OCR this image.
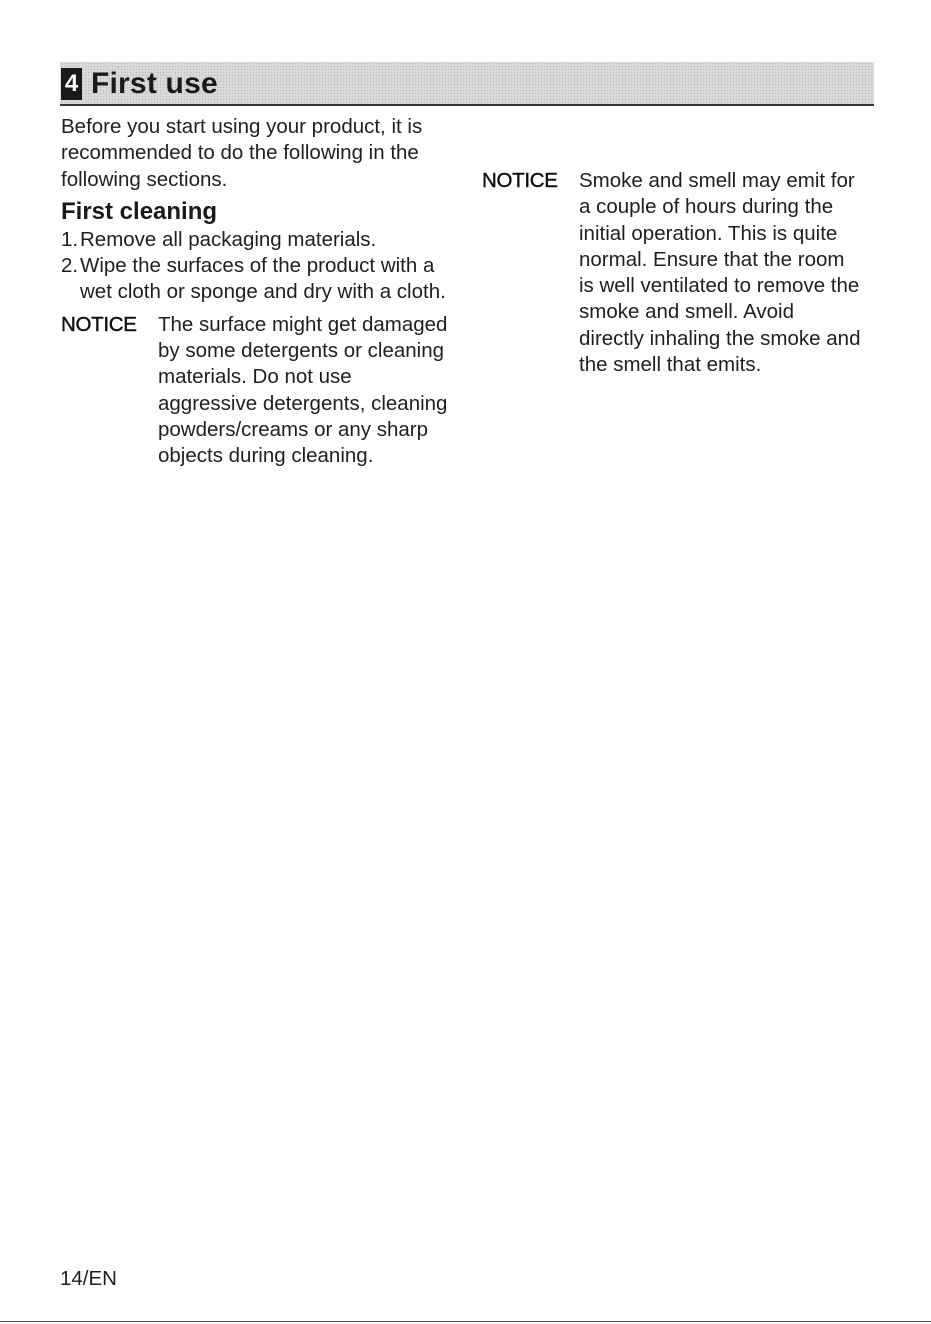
4 First use

Before you start using your product, it is recommended to do the following in the following sections.

First cleaning
1. Remove all packaging materials.
2. Wipe the surfaces of the product with a wet cloth or sponge and dry with a cloth.
NOTICE	The surface might get damaged by some detergents or cleaning materials. Do not use aggressive detergents, cleaning powders/creams or any sharp objects during cleaning.
NOTICE	Smoke and smell may emit for a couple of hours during the initial operation. This is quite normal. Ensure that the room is well ventilated to remove the smoke and smell. Avoid directly inhaling the smoke and the smell that emits.
14/EN
